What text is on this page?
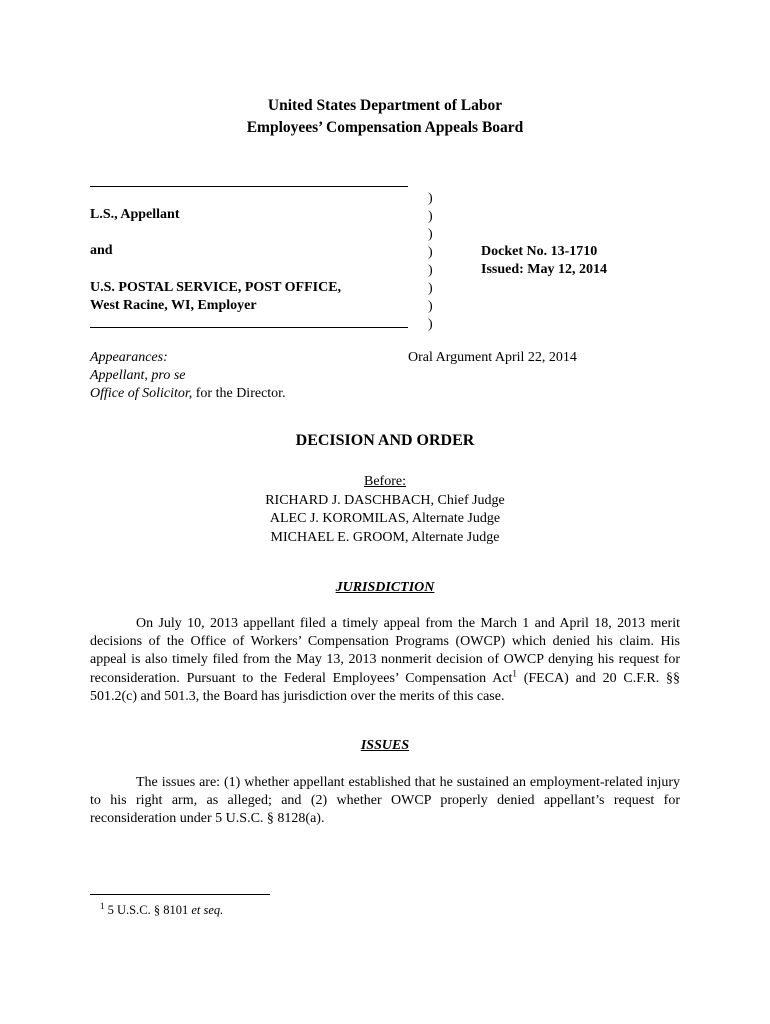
United States Department of Labor
Employees’ Compensation Appeals Board
L.S., Appellant
and
U.S. POSTAL SERVICE, POST OFFICE,
West Racine, WI, Employer
)
)
)
)
)
)
)
)
Docket No. 13-1710
Issued: May 12, 2014
Appearances:
Appellant, pro se
Office of Solicitor, for the Director.
Oral Argument April 22, 2014
DECISION AND ORDER
Before:
RICHARD J. DASCHBACH, Chief Judge
ALEC J. KOROMILAS, Alternate Judge
MICHAEL E. GROOM, Alternate Judge
JURISDICTION
On July 10, 2013 appellant filed a timely appeal from the March 1 and April 18, 2013 merit decisions of the Office of Workers’ Compensation Programs (OWCP) which denied his claim. His appeal is also timely filed from the May 13, 2013 nonmerit decision of OWCP denying his request for reconsideration. Pursuant to the Federal Employees’ Compensation Act$^1$ (FECA) and 20 C.F.R. §§ 501.2(c) and 501.3, the Board has jurisdiction over the merits of this case.
ISSUES
The issues are: (1) whether appellant established that he sustained an employment-related injury to his right arm, as alleged; and (2) whether OWCP properly denied appellant’s request for reconsideration under 5 U.S.C. § 8128(a).
$^1$ 5 U.S.C. § 8101 et seq.
